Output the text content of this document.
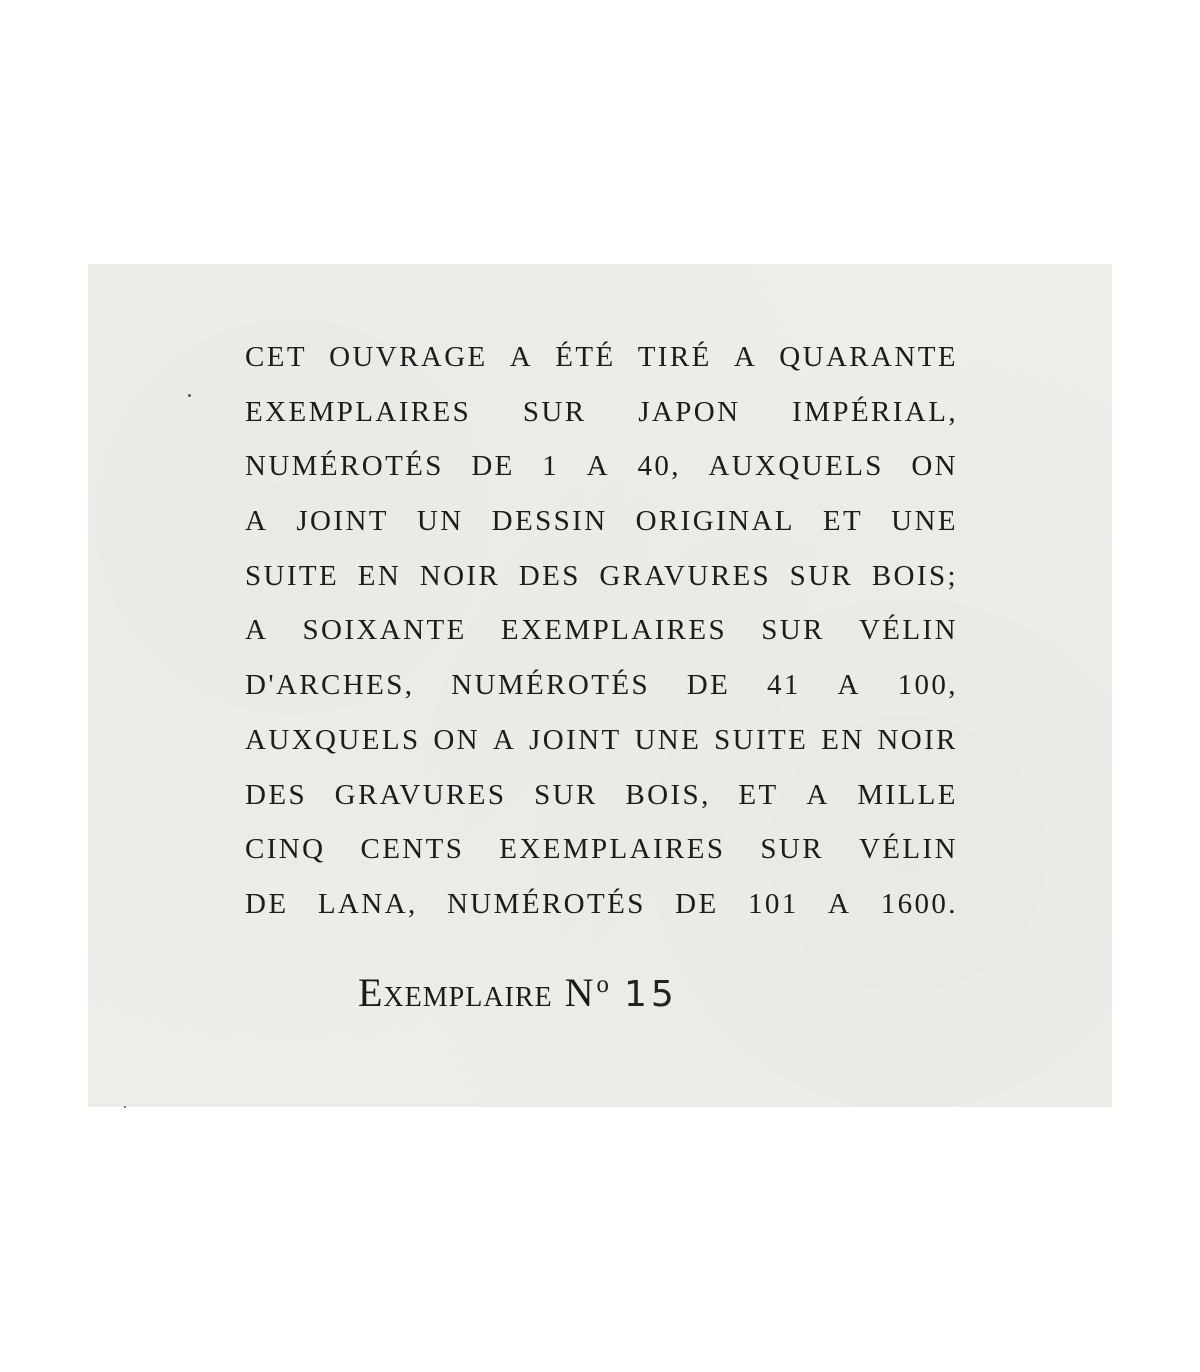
CET OUVRAGE A ÉTÉ TIRÉ A QUARANTE
EXEMPLAIRES SUR JAPON IMPÉRIAL,
NUMÉROTÉS DE 1 A 40, AUXQUELS ON
A JOINT UN DESSIN ORIGINAL ET UNE
SUITE EN NOIR DES GRAVURES SUR BOIS;
A SOIXANTE EXEMPLAIRES SUR VÉLIN
D'ARCHES, NUMÉROTÉS DE 41 A 100,
AUXQUELS ON A JOINT UNE SUITE EN NOIR
DES GRAVURES SUR BOIS, ET A MILLE
CINQ CENTS EXEMPLAIRES SUR VÉLIN
DE LANA, NUMÉROTÉS DE 101 A 1600.
Exemplaire $N^o$ 15
